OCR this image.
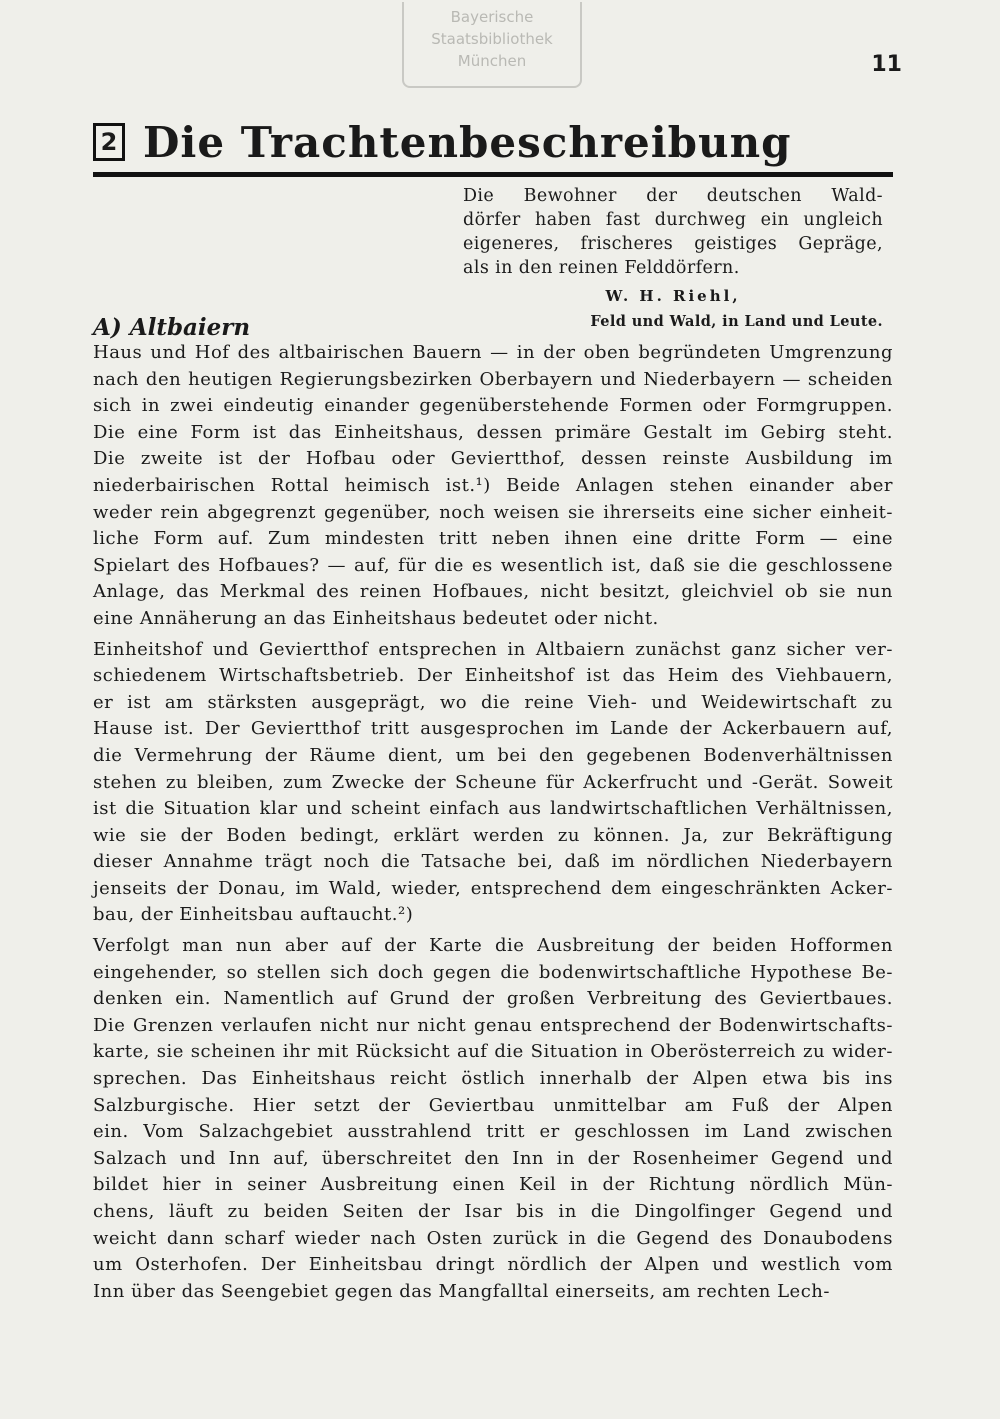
Bayerische
Staatsbibliothek
München	11
2 Die Trachtenbeschreibung
Die Bewohner der deutschen Wald-
dörfer haben fast durchweg ein ungleich
eigeneres, frischeres geistiges Gepräge,
als in den reinen Felddörfern.
W. H. Riehl,
Feld und Wald, in Land und Leute.
A) Altbaiern
Haus und Hof des altbairischen Bauern — in der oben begründeten Umgrenzung
nach den heutigen Regierungsbezirken Oberbayern und Niederbayern — scheiden
sich in zwei eindeutig einander gegenüberstehende Formen oder Formgruppen.
Die eine Form ist das Einheitshaus, dessen primäre Gestalt im Gebirg steht.
Die zweite ist der Hofbau oder Geviertthof, dessen reinste Ausbildung im
niederbairischen Rottal heimisch ist.¹) Beide Anlagen stehen einander aber
weder rein abgegrenzt gegenüber, noch weisen sie ihrerseits eine sicher einheit-
liche Form auf. Zum mindesten tritt neben ihnen eine dritte Form — eine
Spielart des Hofbaues? — auf, für die es wesentlich ist, daß sie die geschlossene
Anlage, das Merkmal des reinen Hofbaues, nicht besitzt, gleichviel ob sie nun
eine Annäherung an das Einheitshaus bedeutet oder nicht.
Einheitshof und Geviertthof entsprechen in Altbaiern zunächst ganz sicher ver-
schiedenem Wirtschaftsbetrieb. Der Einheitshof ist das Heim des Viehbauern,
er ist am stärksten ausgeprägt, wo die reine Vieh- und Weidewirtschaft zu
Hause ist. Der Geviertthof tritt ausgesprochen im Lande der Ackerbauern auf,
die Vermehrung der Räume dient, um bei den gegebenen Bodenverhältnissen
stehen zu bleiben, zum Zwecke der Scheune für Ackerfrucht und -Gerät. Soweit
ist die Situation klar und scheint einfach aus landwirtschaftlichen Verhältnissen,
wie sie der Boden bedingt, erklärt werden zu können. Ja, zur Bekräftigung
dieser Annahme trägt noch die Tatsache bei, daß im nördlichen Niederbayern
jenseits der Donau, im Wald, wieder, entsprechend dem eingeschränkten Acker-
bau, der Einheitsbau auftaucht.²)
Verfolgt man nun aber auf der Karte die Ausbreitung der beiden Hofformen
eingehender, so stellen sich doch gegen die bodenwirtschaftliche Hypothese Be-
denken ein. Namentlich auf Grund der großen Verbreitung des Geviertbaues.
Die Grenzen verlaufen nicht nur nicht genau entsprechend der Bodenwirtschafts-
karte, sie scheinen ihr mit Rücksicht auf die Situation in Oberösterreich zu wider-
sprechen. Das Einheitshaus reicht östlich innerhalb der Alpen etwa bis ins
Salzburgische. Hier setzt der Geviertbau unmittelbar am Fuß der Alpen
ein. Vom Salzachgebiet ausstrahlend tritt er geschlossen im Land zwischen
Salzach und Inn auf, überschreitet den Inn in der Rosenheimer Gegend und
bildet hier in seiner Ausbreitung einen Keil in der Richtung nördlich Mün-
chens, läuft zu beiden Seiten der Isar bis in die Dingolfinger Gegend und
weicht dann scharf wieder nach Osten zurück in die Gegend des Donaubodens
um Osterhofen. Der Einheitsbau dringt nördlich der Alpen und westlich vom
Inn über das Seengebiet gegen das Mangfalltal einerseits, am rechten Lech-
